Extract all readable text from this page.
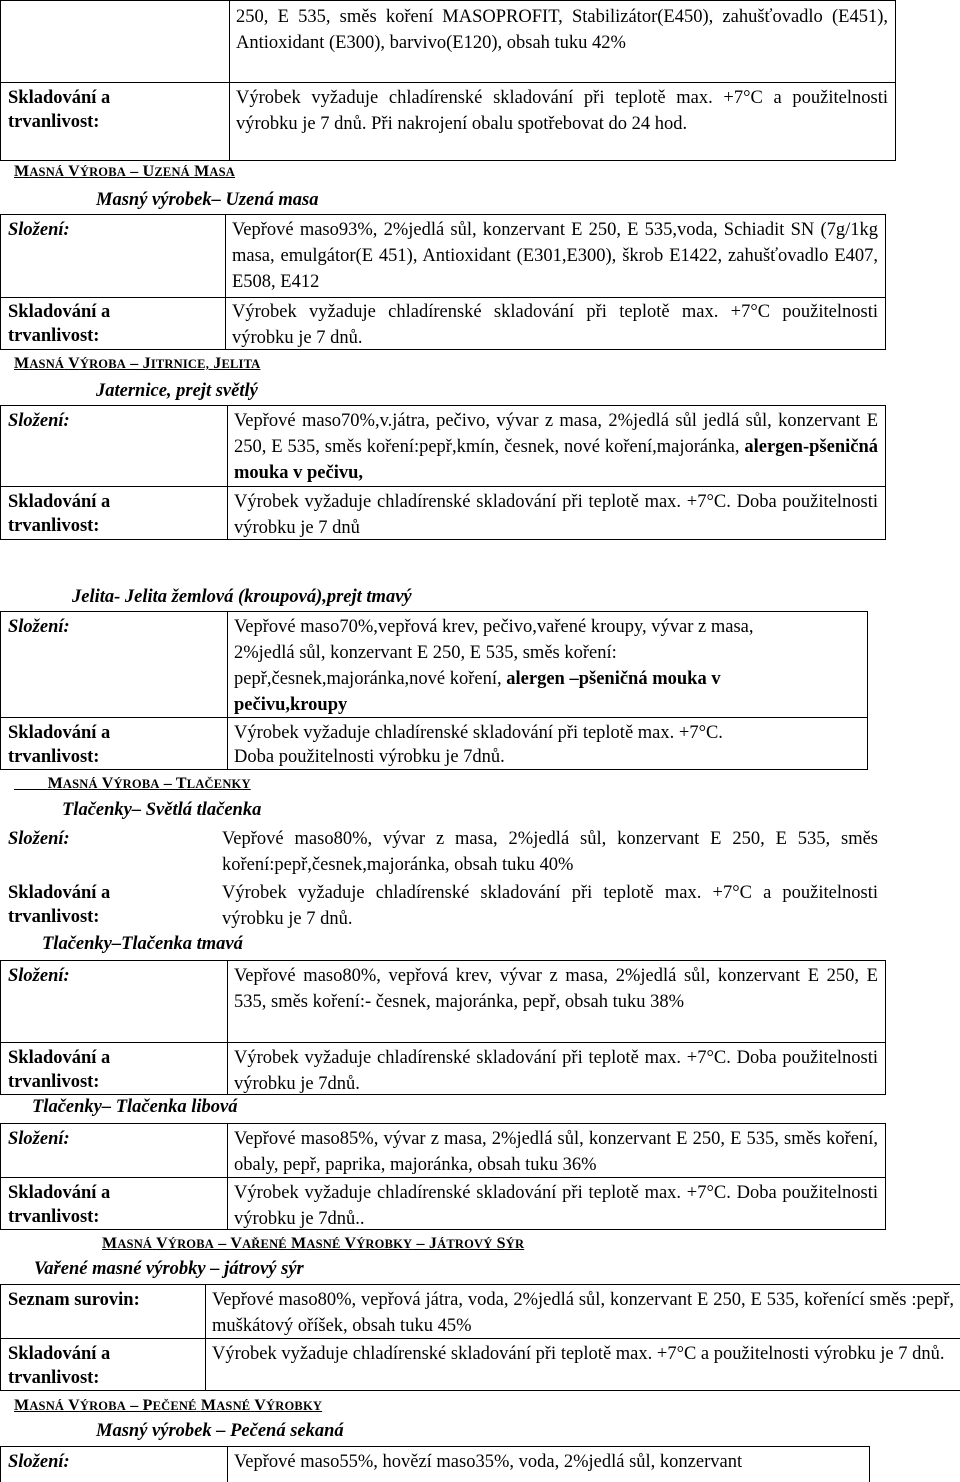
250, E 535, směs koření MASOPROFIT, Stabilizátor(E450), zahušťovadlo (E451), Antioxidant (E300), barvivo(E120), obsah tuku 42%
Skladování a
trvanlivost:
Výrobek vyžaduje chladírenské skladování při teplotě max. +7°C a použitelnosti výrobku je 7 dnů. Při nakrojení obalu spotřebovat do 24 hod.
MASNÁ VÝROBA – UZENÁ MASA
Masný výrobek– Uzená masa
Složení:	Vepřové maso93%, 2%jedlá sůl, konzervant E 250, E 535,voda, Schiadit SN (7g/1kg masa, emulgátor(E 451), Antioxidant (E301,E300), škrob E1422, zahušťovadlo E407, E508, E412
Skladování a
trvanlivost:
Výrobek vyžaduje chladírenské skladování při teplotě max. +7°C použitelnosti výrobku je 7 dnů.
MASNÁ VÝROBA – JITRNICE, JELITA
Jaternice, prejt světlý
Složení:	Vepřové maso70%,v.játra, pečivo, vývar z masa, 2%jedlá sůl jedlá sůl, konzervant E 250, E 535, směs koření:pepř,kmín, česnek, nové koření,majoránka, alergen-pšeničná mouka v pečivu,
Skladování a
trvanlivost:
Výrobek vyžaduje chladírenské skladování při teplotě max. +7°C. Doba použitelnosti výrobku je 7 dnů
Jelita- Jelita žemlová (kroupová),prejt tmavý
Složení:	Vepřové maso70%,vepřová krev, pečivo,vařené kroupy, vývar z masa,
2%jedlá sůl, konzervant E 250, E 535, směs koření:
pepř,česnek,majoránka,nové koření, alergen –pšeničná mouka v
pečivu,kroupy
Skladování a
trvanlivost:
Výrobek vyžaduje chladírenské skladování při teplotě max. +7°C.
Doba použitelnosti výrobku je 7dnů.
MASNÁ VÝROBA – TLAČENKY
Tlačenky– Světlá tlačenka
Složení:	Vepřové maso80%, vývar z masa, 2%jedlá sůl, konzervant E 250, E 535, směs koření:pepř,česnek,majoránka, obsah tuku 40%
Skladování a
trvanlivost:
Výrobek vyžaduje chladírenské skladování při teplotě max. +7°C a použitelnosti výrobku je 7 dnů.
Tlačenky–Tlačenka tmavá
Složení:	Vepřové maso80%, vepřová krev, vývar z masa, 2%jedlá sůl, konzervant E 250, E 535, směs koření:- česnek, majoránka, pepř, obsah tuku 38%
Skladování a
trvanlivost:
Výrobek vyžaduje chladírenské skladování při teplotě max. +7°C. Doba použitelnosti výrobku je 7dnů.
Tlačenky– Tlačenka libová
Složení:	Vepřové maso85%, vývar z masa, 2%jedlá sůl, konzervant E 250, E 535, směs koření, obaly, pepř, paprika, majoránka, obsah tuku 36%
Skladování a
trvanlivost:
Výrobek vyžaduje chladírenské skladování při teplotě max. +7°C. Doba použitelnosti výrobku je 7dnů..
MASNÁ VÝROBA – VAŘENÉ MASNÉ VÝROBKY – JÁTROVÝ SÝR
Vařené masné výrobky – játrový sýr
Seznam surovin:	Vepřové maso80%, vepřová játra, voda, 2%jedlá sůl, konzervant E 250, E 535, kořenící směs :pepř, muškátový oříšek, obsah tuku 45%
Skladování a
trvanlivost:
Výrobek vyžaduje chladírenské skladování při teplotě max. +7°C a použitelnosti výrobku je 7 dnů.
MASNÁ VÝROBA – PEČENÉ MASNÉ VÝROBKY
Masný výrobek – Pečená sekaná
Složení:	Vepřové maso55%, hovězí maso35%, voda, 2%jedlá sůl, konzervant
